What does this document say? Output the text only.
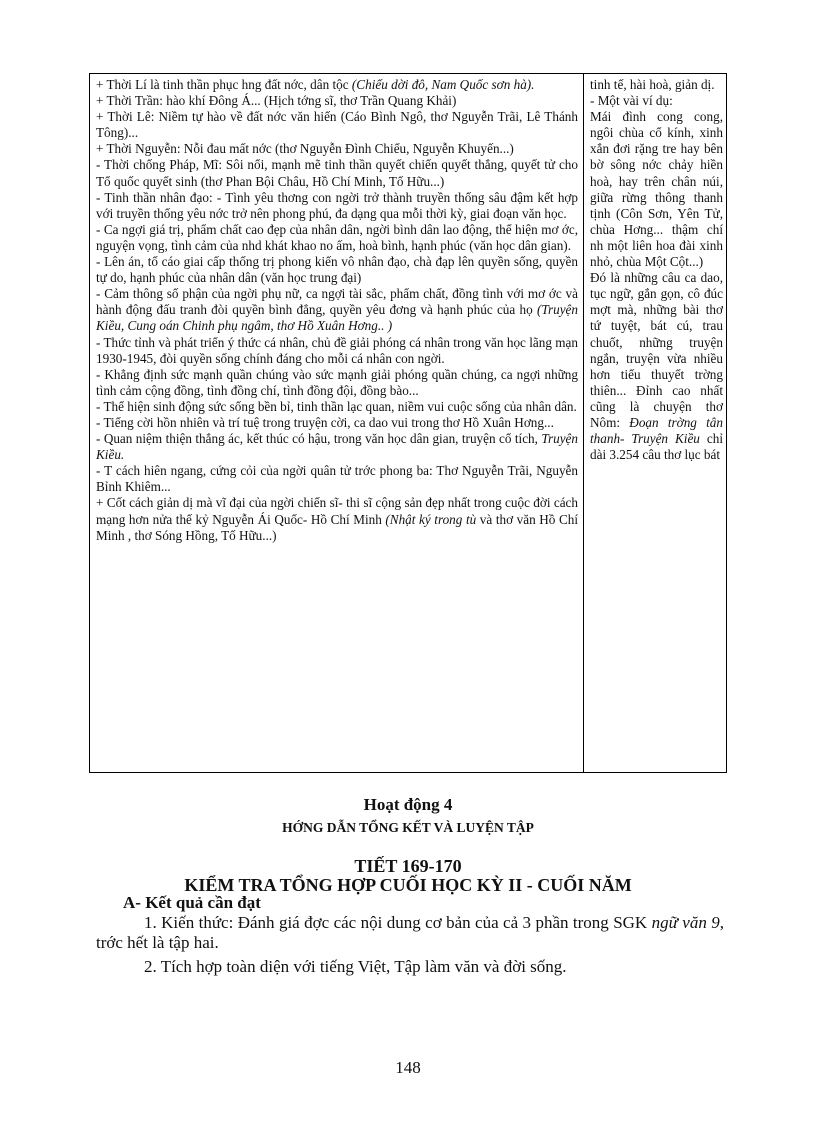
+ Thời Lí là tinh thần phục hng đất nớc, dân tộc (Chiếu dời đô, Nam Quốc sơn hà).

+ Thời Trần: hào khí Đông Á... (Hịch tớng sĩ, thơ Trần Quang Khải)

+ Thời Lê: Niềm tự hào về đất nớc văn hiến (Cáo Bình Ngô, thơ Nguyễn Trãi, Lê Thánh Tông)...

+ Thời Nguyễn: Nỗi đau mất nớc (thơ Nguyễn Đình Chiểu, Nguyễn Khuyến...)

- Thời chống Pháp, Mĩ: Sôi nổi, mạnh mẽ tinh thần quyết chiến quyết thắng, quyết tử cho Tổ quốc quyết sinh (thơ Phan Bội Châu, Hồ Chí Minh, Tố Hữu...)

- Tinh thần nhân đạo: - Tình yêu thơng con ngời trở thành truyền thống sâu đậm kết hợp với truyền thống yêu nớc trở nên phong phú, đa dạng qua mỗi thời kỳ, giai đoạn văn học.

- Ca ngợi giá trị, phẩm chất cao đẹp của nhân dân, ngời bình dân lao động, thể hiện mơ ớc, nguyện vọng, tình cảm của nhd khát khao no ấm, hoà bình, hạnh phúc (văn học dân gian).

- Lên án, tố cáo giai cấp thống trị phong kiến vô nhân đạo, chà đạp lên quyền sống, quyền tự do, hạnh phúc của nhân dân (văn học trung đại)

- Cảm thông số phận của ngời phụ nữ, ca ngợi tài sắc, phẩm chất, đồng tình với mơ ớc và hành động đấu tranh đòi quyền bình đẳng, quyền yêu đơng và hạnh phúc của họ (Truyện Kiều, Cung oán Chinh phụ ngâm, thơ Hồ Xuân Hơng.. )

- Thức tỉnh và phát triển ý thức cá nhân, chủ đề giải phóng cá nhân trong văn học lãng mạn 1930-1945, đòi quyền sống chính đáng cho mỗi cá nhân con ngời.

- Khẳng định sức mạnh quần chúng vào sức mạnh giải phóng quần chúng, ca ngợi những tình cảm cộng đồng, tình đồng chí, tình đồng đội, đồng bào...

- Thể hiện sinh động sức sống bền bỉ, tinh thần lạc quan, niềm vui cuộc sống của nhân dân.

- Tiếng cời hồn nhiên và trí tuệ trong truyện cời, ca dao vui trong thơ Hồ Xuân Hơng...

- Quan niệm thiện thắng ác, kết thúc có hậu, trong văn học dân gian, truyện cổ tích, Truyện Kiều.

- T cách hiên ngang, cứng cỏi của ngời quân tử trớc phong ba: Thơ Nguyễn Trãi, Nguyễn Bỉnh Khiêm...

+ Cốt cách giản dị mà vĩ đại của ngời chiến sĩ- thi sĩ cộng sản đẹp nhất trong cuộc đời cách mạng hơn nửa thế kỷ Nguyễn Ái Quốc- Hồ Chí Minh (Nhật ký trong tù và thơ văn Hồ Chí Minh , thơ Sóng Hồng, Tố Hữu...)

tinh tế, hài hoà, giản dị.

- Một vài ví dụ:

Mái đình cong cong, ngôi chùa cổ kính, xinh xắn đơi rặng tre hay bên bờ sông nớc chảy hiền hoà, hay trên chân núi, giữa rừng thông thanh tịnh (Côn Sơn, Yên Tử, chùa Hơng... thậm chí nh một liên hoa đài xinh nhỏ, chùa Một Cột...)

Đó là những câu ca dao, tục ngữ, gắn gọn, cô đúc mợt mà, những bài thơ tứ tuyệt, bát cú, trau chuốt, những truyện ngắn, truyện vừa nhiều hơn tiểu thuyết trờng thiên... Đỉnh cao nhất cũng là chuyện thơ Nôm: Đoạn trờng tân thanh- Truyện Kiều chỉ dài 3.254 câu thơ lục bát

Hoạt động 4
HỚNG DẪN TỔNG KẾT VÀ LUYỆN TẬP
TIẾT 169-170
KIỂM TRA TỔNG HỢP CUỐI HỌC KỲ II - CUỐI NĂM
A- Kết quả cần đạt
1. Kiến thức: Đánh giá đợc các nội dung cơ bản của cả 3 phần trong SGK ngữ văn 9, trớc hết là tập hai.
2. Tích hợp toàn diện với tiếng Việt, Tập làm văn và đời sống.
148
